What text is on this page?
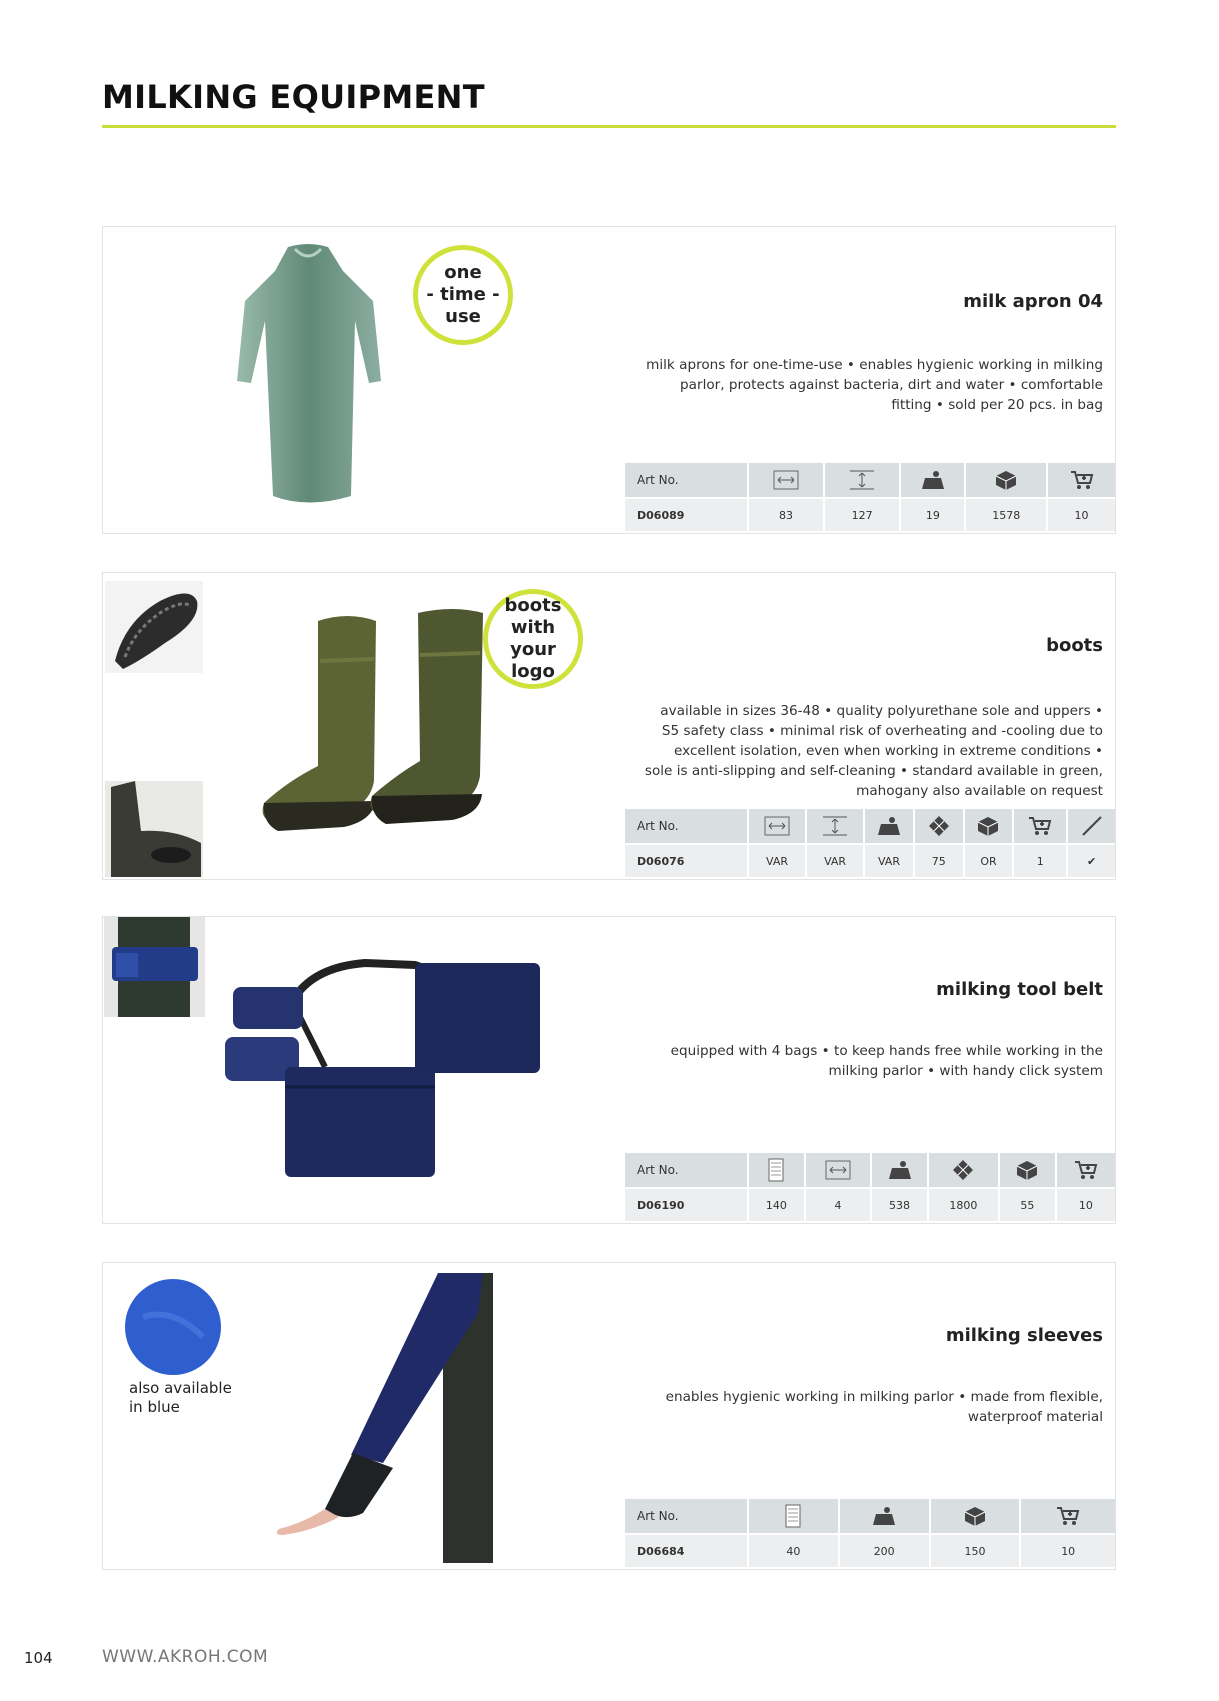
MILKING EQUIPMENT
one
- time -
use
milk apron 04
milk aprons for one-time-use • enables hygienic working in milking
parlor, protects against bacteria, dirt and water • comfortable
fitting • sold per 20 pcs. in bag
Art No.					
D06089	83	127	19	1578	10
boots
with your
logo
boots
available in sizes 36-48 • quality polyurethane sole and uppers •
S5 safety class • minimal risk of overheating and -cooling due to
excellent isolation, even when working in extreme conditions •
sole is anti-slipping and self-cleaning • standard available in green,
mahogany also available on request
Art No.							
D06076	VAR	VAR	VAR	75	OR	1	✔
milking tool belt
equipped with 4 bags • to keep hands free while working in the
milking parlor • with handy click system
Art No.						
D06190	140	4	538	1800	55	10
also available
in blue
milking sleeves
enables hygienic working in milking parlor • made from flexible,
waterproof material
Art No.				
D06684	40	200	150	10
104	WWW.AKROH.COM
